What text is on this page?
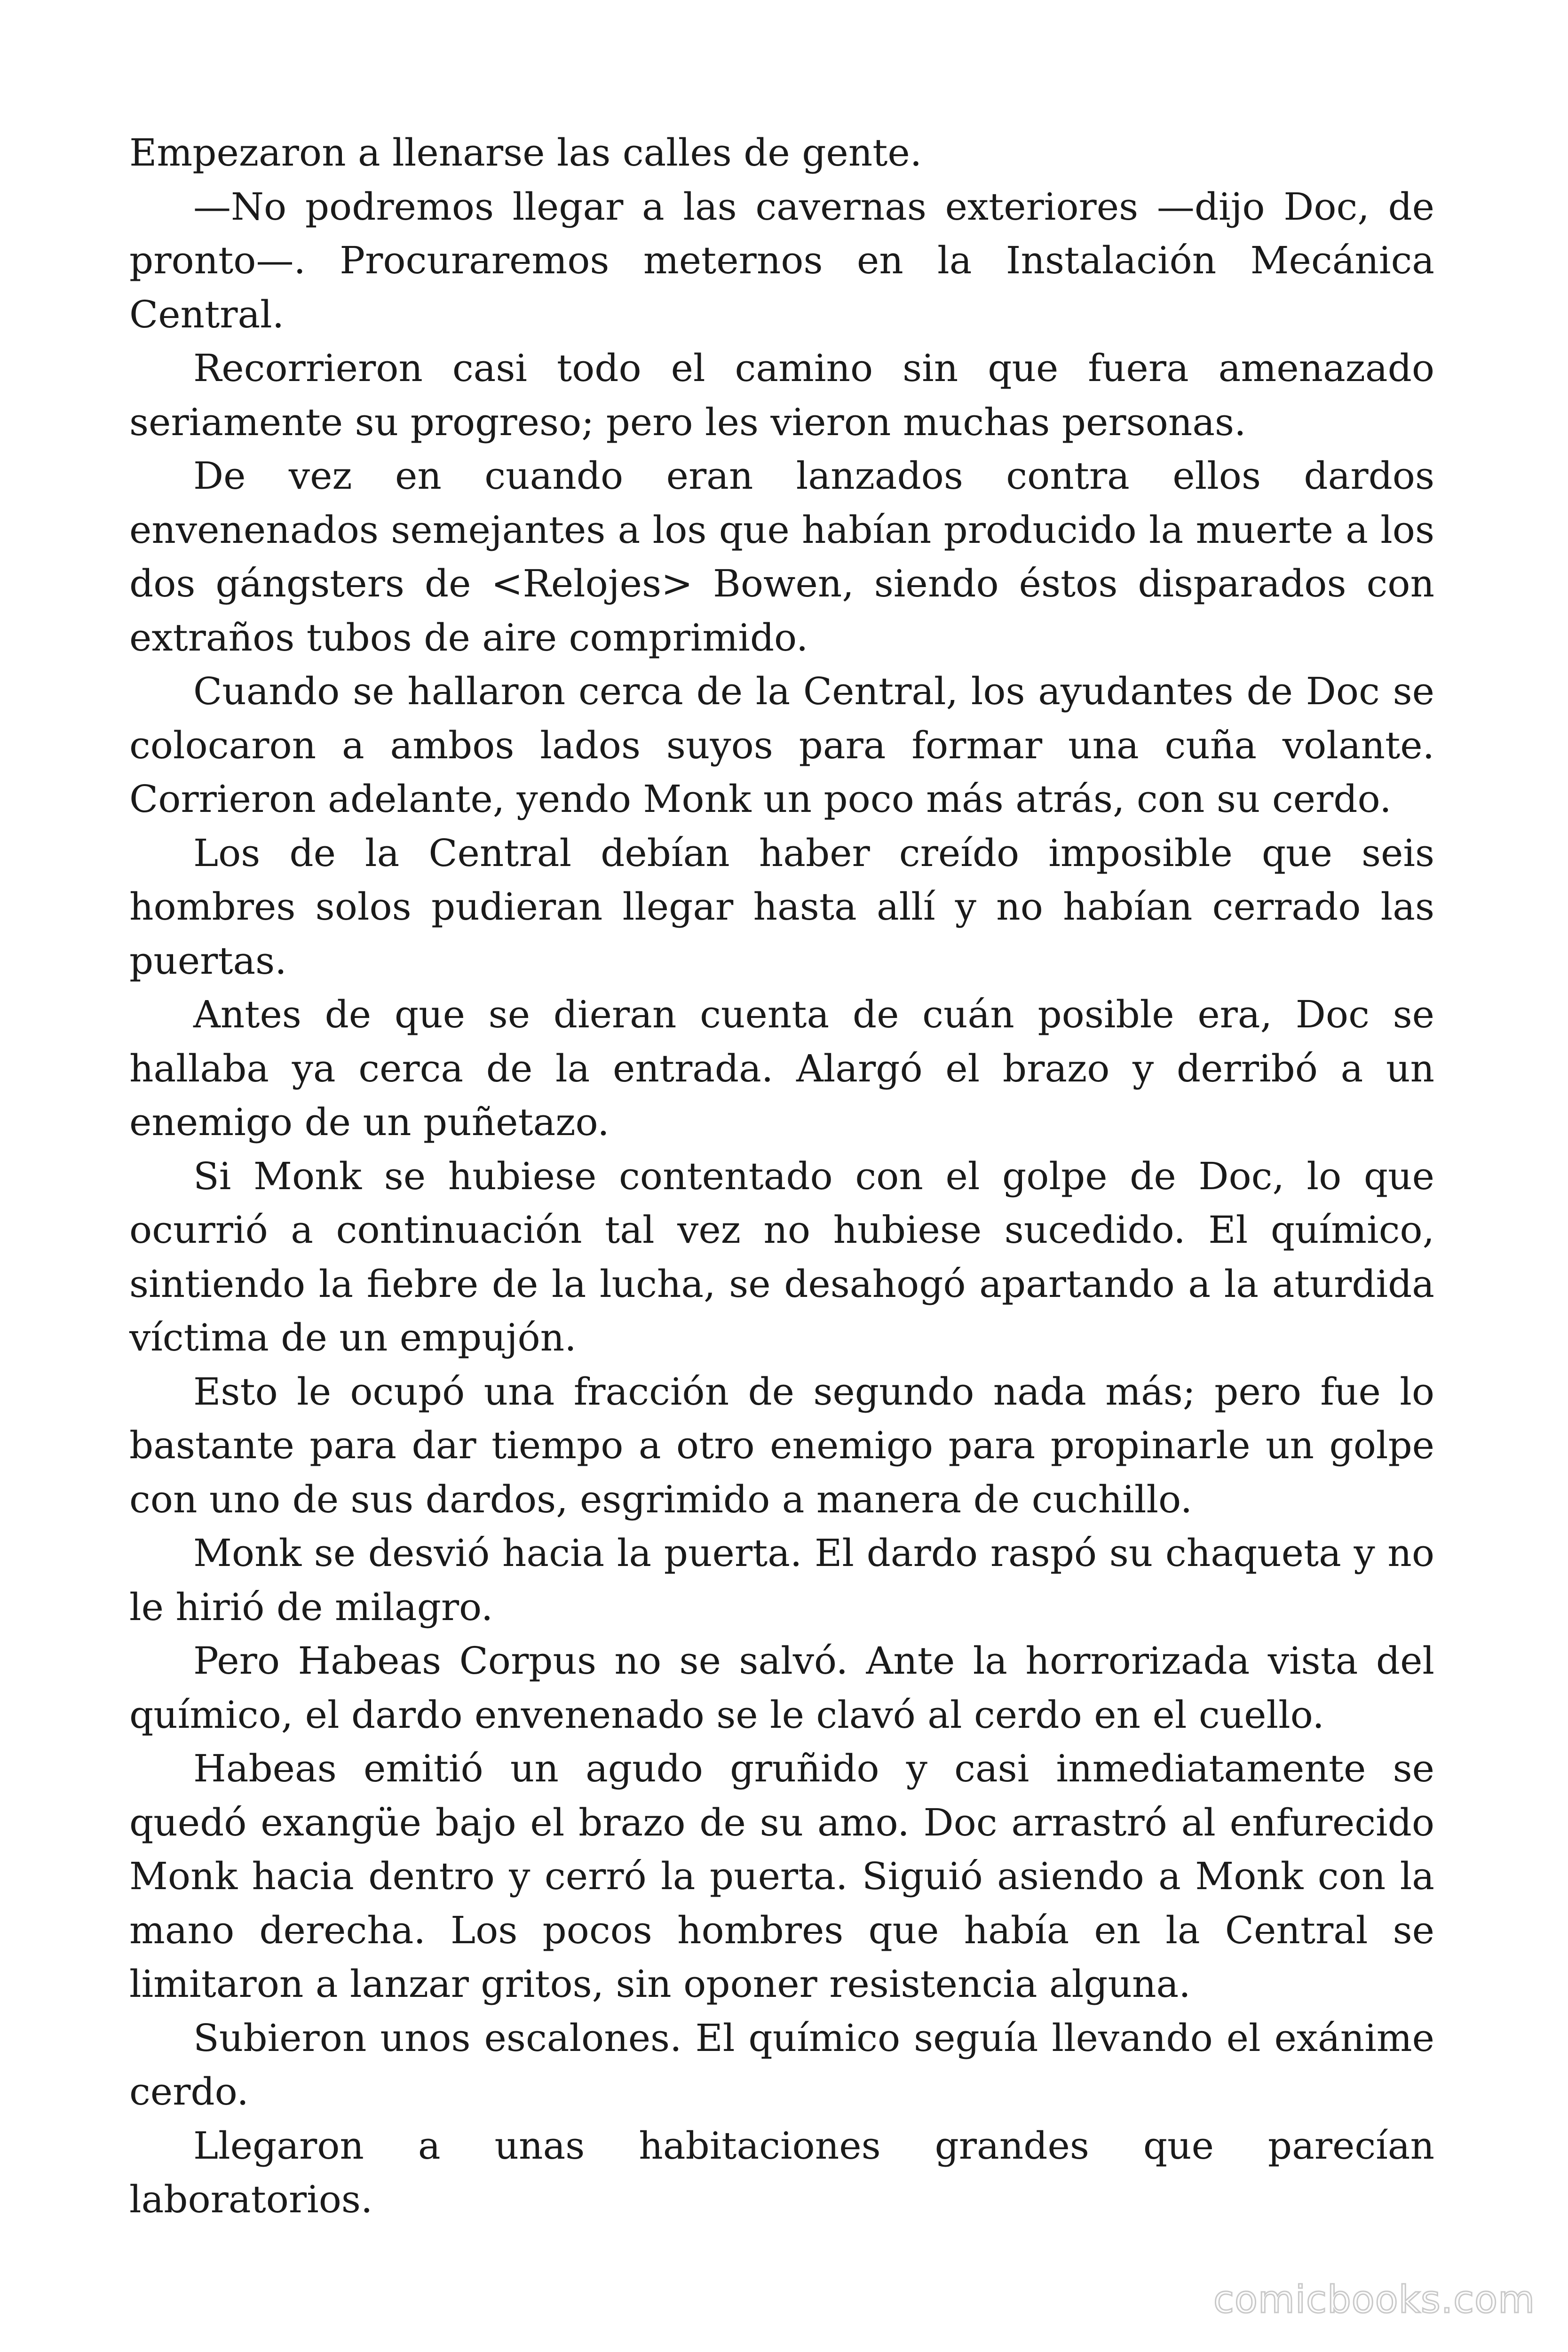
Empezaron a llenarse las calles de gente.

—No podremos llegar a las cavernas exteriores —dijo Doc, de pronto—. Procuraremos meternos en la Instalación Mecánica Central.

Recorrieron casi todo el camino sin que fuera amenazado seriamente su progreso; pero les vieron muchas personas.

De vez en cuando eran lanzados contra ellos dardos envenenados semejantes a los que habían producido la muerte a los dos gángsters de <Relojes> Bowen, siendo éstos disparados con extraños tubos de aire comprimido.

Cuando se hallaron cerca de la Central, los ayudantes de Doc se colocaron a ambos lados suyos para formar una cuña volante. Corrieron adelante, yendo Monk un poco más atrás, con su cerdo.

Los de la Central debían haber creído imposible que seis hombres solos pudieran llegar hasta allí y no habían cerrado las puertas.

Antes de que se dieran cuenta de cuán posible era, Doc se hallaba ya cerca de la entrada. Alargó el brazo y derribó a un enemigo de un puñetazo.

Si Monk se hubiese contentado con el golpe de Doc, lo que ocurrió a continuación tal vez no hubiese sucedido. El químico, sintiendo la fiebre de la lucha, se desahogó apartando a la aturdida víctima de un empujón.

Esto le ocupó una fracción de segundo nada más; pero fue lo bastante para dar tiempo a otro enemigo para propinarle un golpe con uno de sus dardos, esgrimido a manera de cuchillo.

Monk se desvió hacia la puerta. El dardo raspó su chaqueta y no le hirió de milagro.

Pero Habeas Corpus no se salvó. Ante la horrorizada vista del químico, el dardo envenenado se le clavó al cerdo en el cuello.

Habeas emitió un agudo gruñido y casi inmediatamente se quedó exangüe bajo el brazo de su amo. Doc arrastró al enfurecido Monk hacia dentro y cerró la puerta. Siguió asiendo a Monk con la mano derecha. Los pocos hombres que había en la Central se limitaron a lanzar gritos, sin oponer resistencia alguna.

Subieron unos escalones. El químico seguía llevando el exánime cerdo.

Llegaron a unas habitaciones grandes que parecían laboratorios.

comicbooks.com
